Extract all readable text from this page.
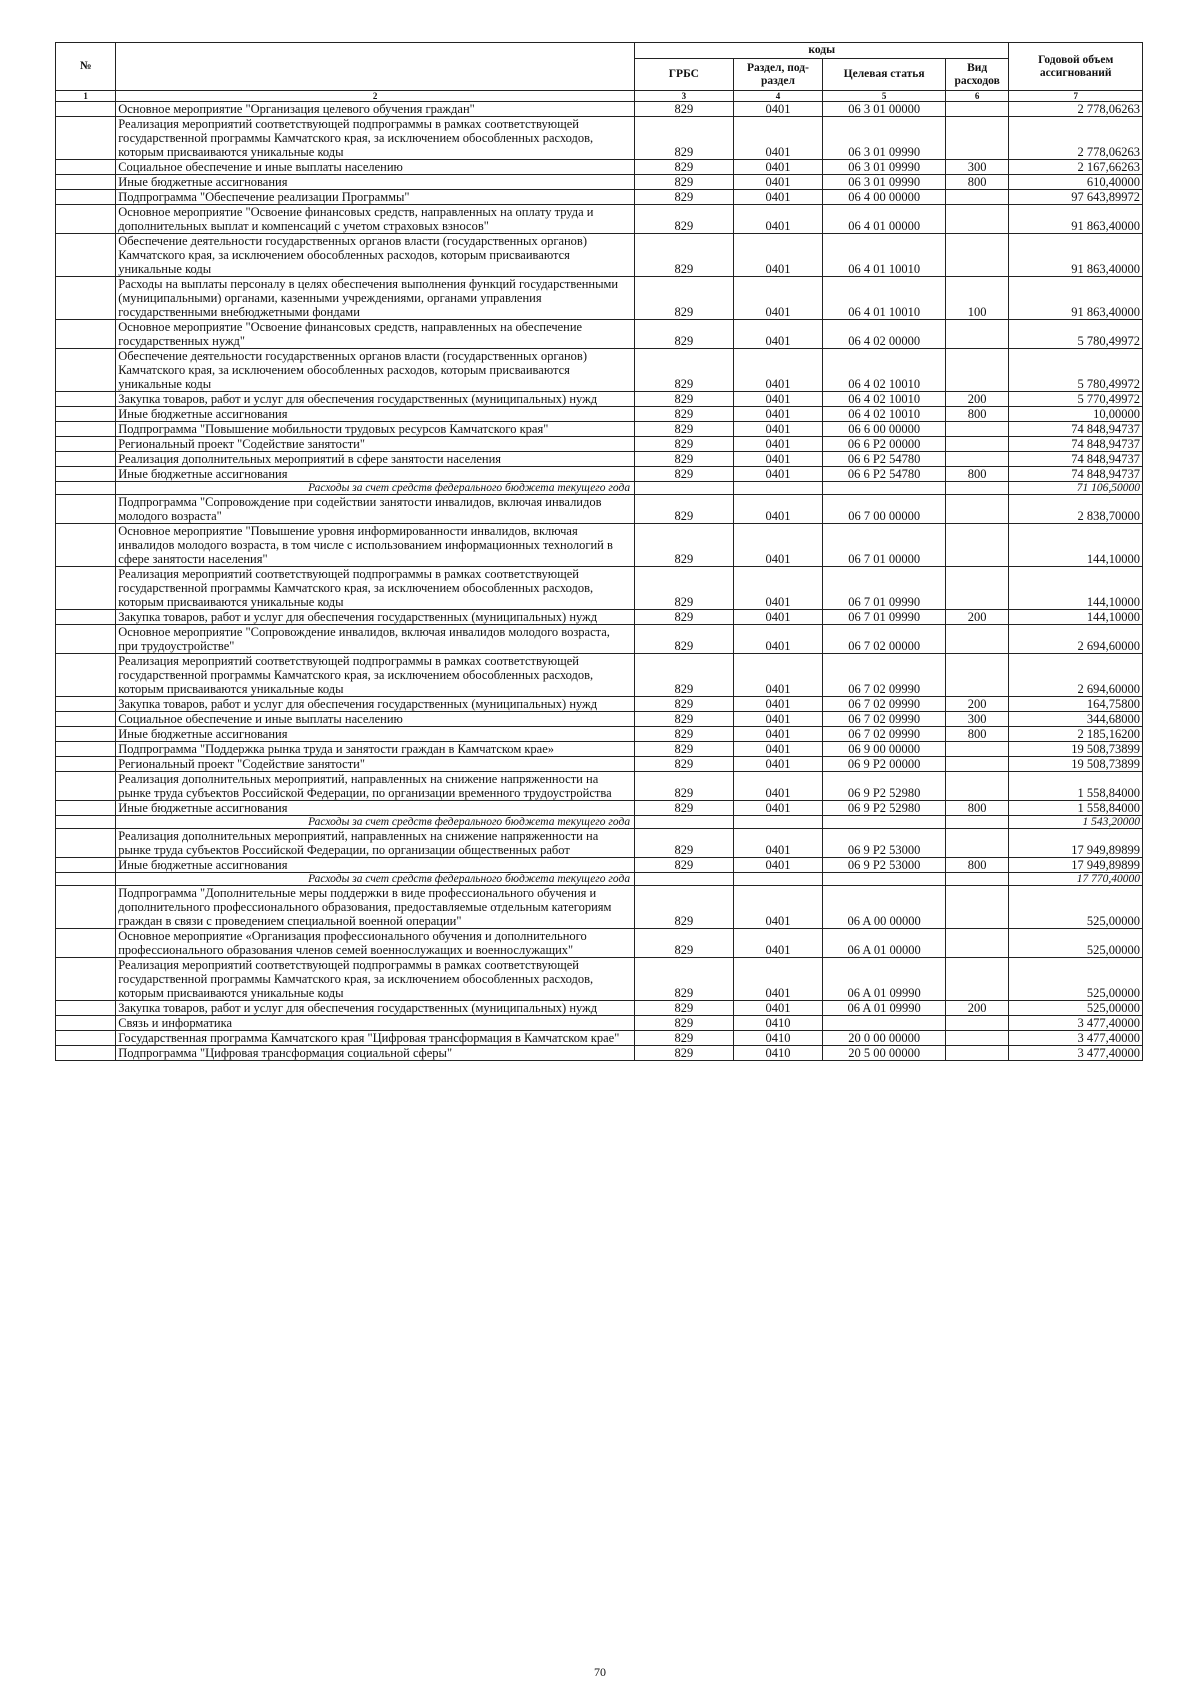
№		коды				Годовой объем ассигнований
		ГРБС	Раздел, под-раздел	Целевая статья	Вид расходов	
1	2	3	4	5	6	7
	Основное мероприятие "Организация целевого обучения граждан"	829	0401	06 3 01 00000		2 778,06263
	Реализация мероприятий соответствующей подпрограммы в рамках соответствующей государственной программы Камчатского края, за исключением обособленных расходов, которым присваиваются уникальные коды	829	0401	06 3 01 09990		2 778,06263
	Социальное обеспечение и иные выплаты населению	829	0401	06 3 01 09990	300	2 167,66263
	Иные бюджетные ассигнования	829	0401	06 3 01 09990	800	610,40000
	Подпрограмма "Обеспечение реализации Программы"	829	0401	06 4 00 00000		97 643,89972
	Основное мероприятие "Освоение финансовых средств, направленных на оплату труда и дополнительных выплат и компенсаций с учетом страховых взносов"	829	0401	06 4 01 00000		91 863,40000
	Обеспечение деятельности государственных органов власти (государственных органов) Камчатского края, за исключением обособленных расходов, которым присваиваются уникальные коды	829	0401	06 4 01 10010		91 863,40000
	Расходы на выплаты персоналу в целях обеспечения выполнения функций государственными (муниципальными) органами, казенными учреждениями, органами управления государственными внебюджетными фондами	829	0401	06 4 01 10010	100	91 863,40000
	Основное мероприятие "Освоение финансовых средств, направленных на обеспечение государственных нужд"	829	0401	06 4 02 00000		5 780,49972
	Обеспечение деятельности государственных органов власти (государственных органов) Камчатского края, за исключением обособленных расходов, которым присваиваются уникальные коды	829	0401	06 4 02 10010		5 780,49972
	Закупка товаров, работ и услуг для обеспечения государственных (муниципальных) нужд	829	0401	06 4 02 10010	200	5 770,49972
	Иные бюджетные ассигнования	829	0401	06 4 02 10010	800	10,00000
	Подпрограмма "Повышение мобильности трудовых ресурсов Камчатского края"	829	0401	06 6 00 00000		74 848,94737
	Региональный проект "Содействие занятости"	829	0401	06 6 P2 00000		74 848,94737
	Реализация дополнительных мероприятий в сфере занятости населения	829	0401	06 6 P2 54780		74 848,94737
	Иные бюджетные ассигнования	829	0401	06 6 P2 54780	800	74 848,94737
	Расходы за счет средств федерального бюджета текущего года					71 106,50000
	Подпрограмма "Сопровождение при содействии занятости инвалидов, включая инвалидов молодого возраста"	829	0401	06 7 00 00000		2 838,70000
	Основное мероприятие "Повышение уровня информированности инвалидов, включая инвалидов молодого возраста, в том числе с использованием информационных технологий в сфере занятости населения"	829	0401	06 7 01 00000		144,10000
	Реализация мероприятий соответствующей подпрограммы в рамках соответствующей государственной программы Камчатского края, за исключением обособленных расходов, которым присваиваются уникальные коды	829	0401	06 7 01 09990		144,10000
	Закупка товаров, работ и услуг для обеспечения государственных (муниципальных) нужд	829	0401	06 7 01 09990	200	144,10000
	Основное мероприятие "Сопровождение инвалидов, включая инвалидов молодого возраста, при трудоустройстве"	829	0401	06 7 02 00000		2 694,60000
	Реализация мероприятий соответствующей подпрограммы в рамках соответствующей государственной программы Камчатского края, за исключением обособленных расходов, которым присваиваются уникальные коды	829	0401	06 7 02 09990		2 694,60000
	Закупка товаров, работ и услуг для обеспечения государственных (муниципальных) нужд	829	0401	06 7 02 09990	200	164,75800
	Социальное обеспечение и иные выплаты населению	829	0401	06 7 02 09990	300	344,68000
	Иные бюджетные ассигнования	829	0401	06 7 02 09990	800	2 185,16200
	Подпрограмма "Поддержка рынка труда и занятости граждан в Камчатском крае»	829	0401	06 9 00 00000		19 508,73899
	Региональный проект "Содействие занятости"	829	0401	06 9 P2 00000		19 508,73899
	Реализация дополнительных мероприятий, направленных на снижение напряженности на рынке труда субъектов Российской Федерации, по организации временного трудоустройства	829	0401	06 9 P2 52980		1 558,84000
	Иные бюджетные ассигнования	829	0401	06 9 P2 52980	800	1 558,84000
	Расходы за счет средств федерального бюджета текущего года					1 543,20000
	Реализация дополнительных мероприятий, направленных на снижение напряженности на рынке труда субъектов Российской Федерации, по организации общественных работ	829	0401	06 9 P2 53000		17 949,89899
	Иные бюджетные ассигнования	829	0401	06 9 P2 53000	800	17 949,89899
	Расходы за счет средств федерального бюджета текущего года					17 770,40000
	Подпрограмма "Дополнительные меры поддержки в виде профессионального обучения и дополнительного профессионального образования, предоставляемые отдельным категориям граждан в связи с проведением специальной военной операции"	829	0401	06 A 00 00000		525,00000
	Основное мероприятие «Организация профессионального обучения и дополнительного профессионального образования членов семей военнослужащих и военнослужащих"	829	0401	06 A 01 00000		525,00000
	Реализация мероприятий соответствующей подпрограммы в рамках соответствующей государственной программы Камчатского края, за исключением обособленных расходов, которым присваиваются уникальные коды	829	0401	06 A 01 09990		525,00000
	Закупка товаров, работ и услуг для обеспечения государственных (муниципальных) нужд	829	0401	06 A 01 09990	200	525,00000
	Связь и информатика	829	0410			3 477,40000
	Государственная программа Камчатского края "Цифровая трансформация в Камчатском крае"	829	0410	20 0 00 00000		3 477,40000
	Подпрограмма "Цифровая трансформация социальной сферы"	829	0410	20 5 00 00000		3 477,40000
70
